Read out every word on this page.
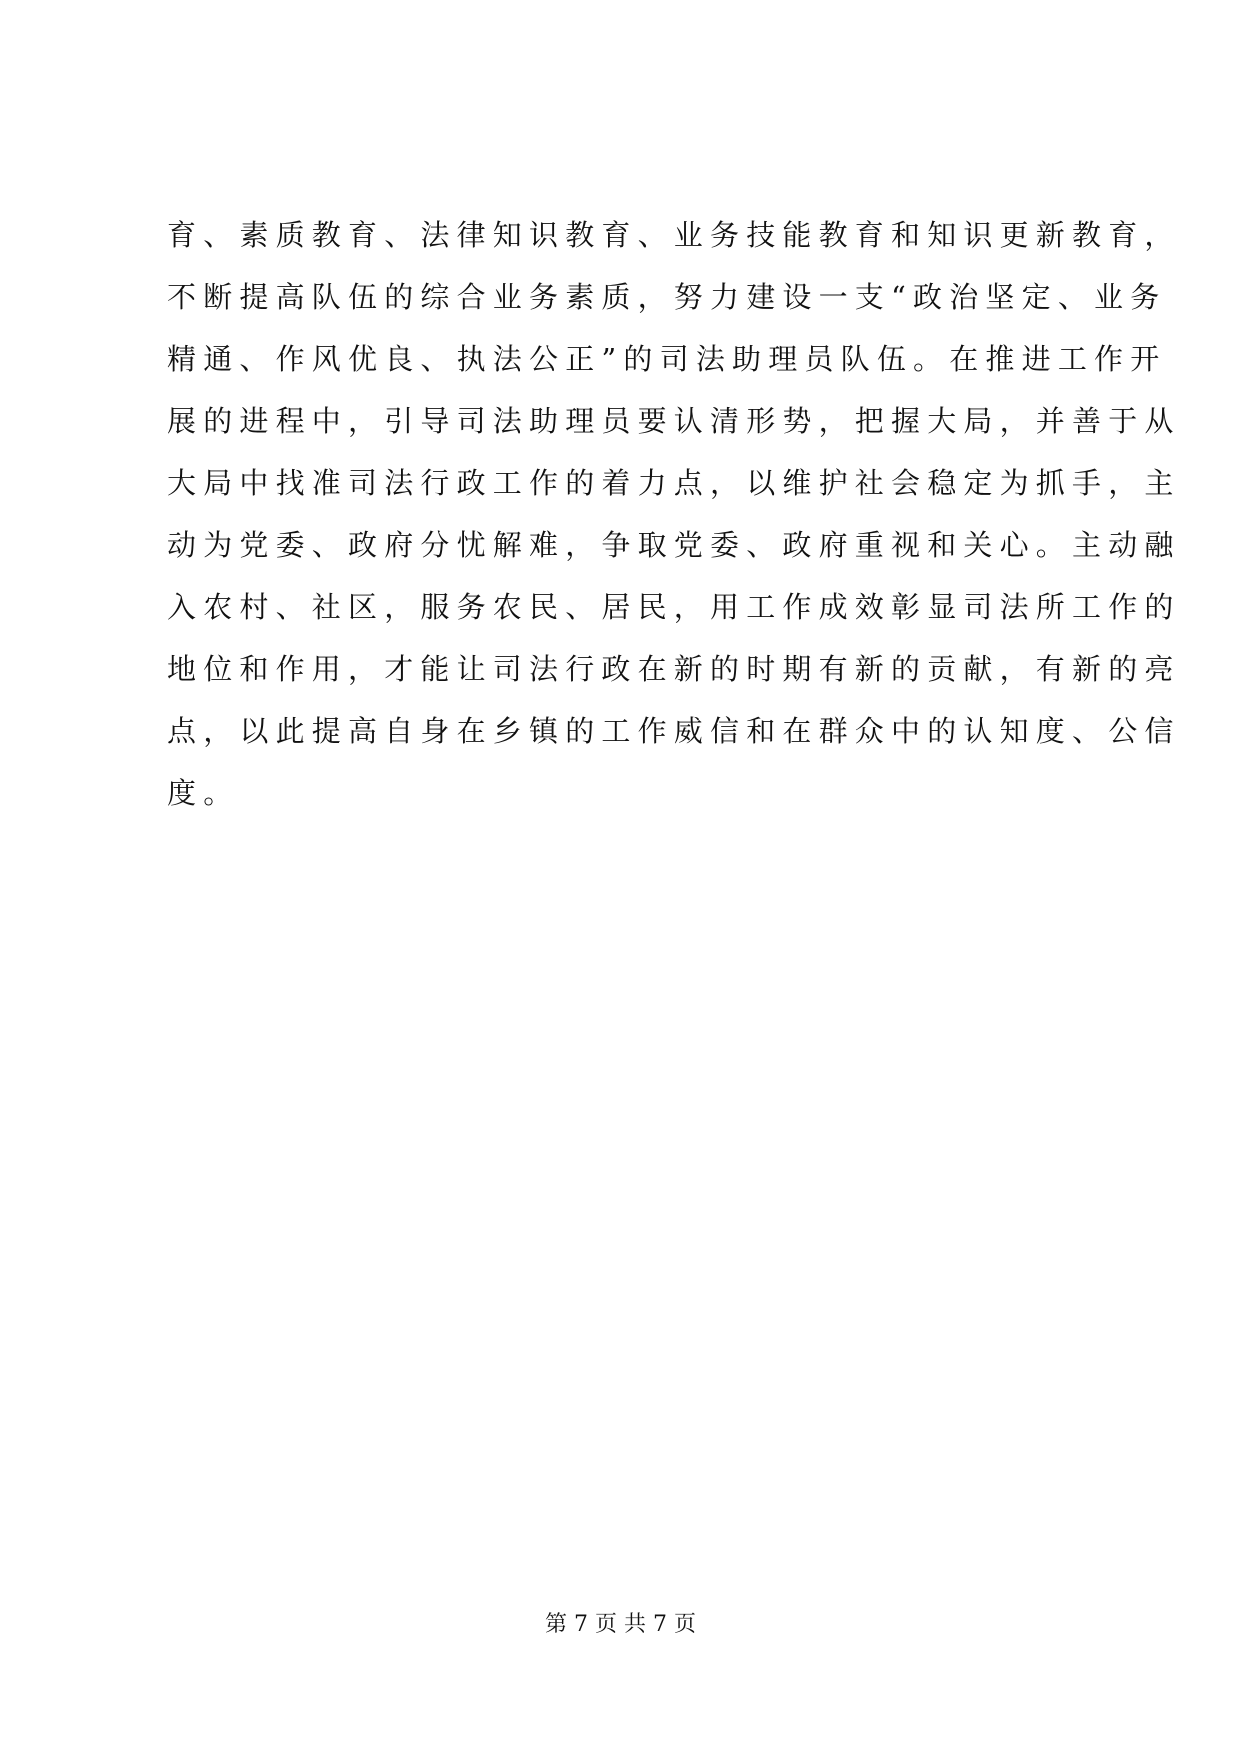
育、素质教育、法律知识教育、业务技能教育和知识更新教育，
不断提高队伍的综合业务素质，努力建设一支“政治坚定、业务
精通、作风优良、执法公正”的司法助理员队伍。在推进工作开
展的进程中，引导司法助理员要认清形势，把握大局，并善于从
大局中找准司法行政工作的着力点，以维护社会稳定为抓手，主
动为党委、政府分忧解难，争取党委、政府重视和关心。主动融
入农村、社区，服务农民、居民，用工作成效彰显司法所工作的
地位和作用，才能让司法行政在新的时期有新的贡献，有新的亮
点，以此提高自身在乡镇的工作威信和在群众中的认知度、公信
度。
第 7 页 共 7 页
